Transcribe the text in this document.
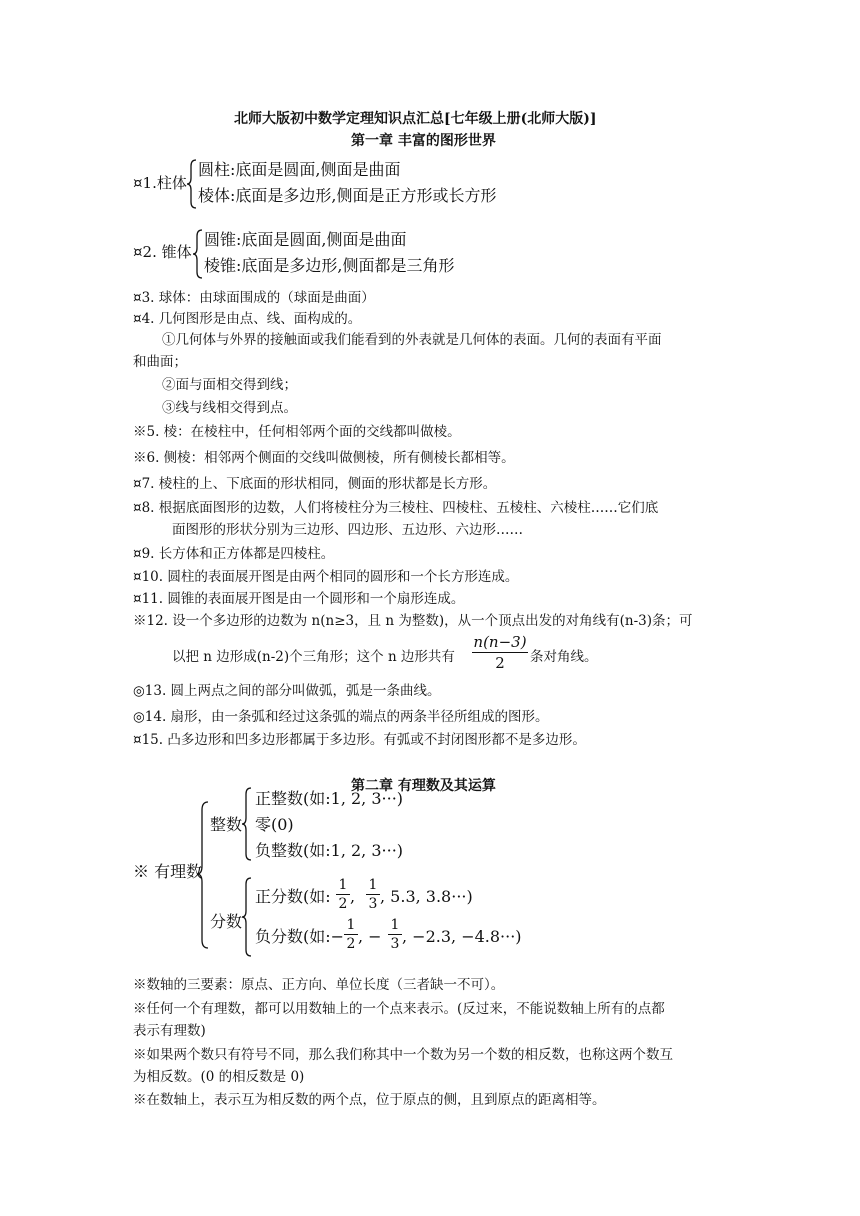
北师大版初中数学定理知识点汇总[七年级上册(北师大版)]
第一章 丰富的图形世界
¤1.柱体
圆柱:底面是圆面,侧面是曲面
棱体:底面是多边形,侧面是正方形或长方形
¤2. 锥体
圆锥:底面是圆面,侧面是曲面
棱锥:底面是多边形,侧面都是三角形
¤3. 球体：由球面围成的（球面是曲面）
¤4. 几何图形是由点、线、面构成的。
①几何体与外界的接触面或我们能看到的外表就是几何体的表面。几何的表面有平面
和曲面；
②面与面相交得到线；
③线与线相交得到点。
※5. 棱：在棱柱中，任何相邻两个面的交线都叫做棱。
※6. 侧棱：相邻两个侧面的交线叫做侧棱，所有侧棱长都相等。
¤7. 棱柱的上、下底面的形状相同，侧面的形状都是长方形。
¤8. 根据底面图形的边数，人们将棱柱分为三棱柱、四棱柱、五棱柱、六棱柱……它们底
面图形的形状分别为三边形、四边形、五边形、六边形……
¤9. 长方体和正方体都是四棱柱。
¤10. 圆柱的表面展开图是由两个相同的圆形和一个长方形连成。
¤11. 圆锥的表面展开图是由一个圆形和一个扇形连成。
※12. 设一个多边形的边数为 n(n≥3，且 n 为整数)，从一个顶点出发的对角线有(n-3)条；可
以把 n 边形成(n-2)个三角形；这个 n 边形共有 $\frac{n(n-3)}{2}$ 条对角线。
◎13. 圆上两点之间的部分叫做弧，弧是一条曲线。
◎14. 扇形，由一条弧和经过这条弧的端点的两条半径所组成的图形。
¤15. 凸多边形和凹多边形都属于多边形。有弧或不封闭图形都不是多边形。
第二章 有理数及其运算
※ 有理数
整数
正整数(如:1, 2, 3···)
零(0)
负整数(如:1, 2, 3···)
分数
正分数(如: $\frac{1}{2}$ , $\frac{1}{3}$ , 5.3, 3.8···)
负分数(如:− $\frac{1}{2}$ , − $\frac{1}{3}$ , −2.3, −4.8···)
※数轴的三要素：原点、正方向、单位长度（三者缺一不可）。
※任何一个有理数，都可以用数轴上的一个点来表示。(反过来，不能说数轴上所有的点都
表示有理数)
※如果两个数只有符号不同，那么我们称其中一个数为另一个数的相反数，也称这两个数互
为相反数。(0 的相反数是 0)
※在数轴上，表示互为相反数的两个点，位于原点的侧，且到原点的距离相等。
